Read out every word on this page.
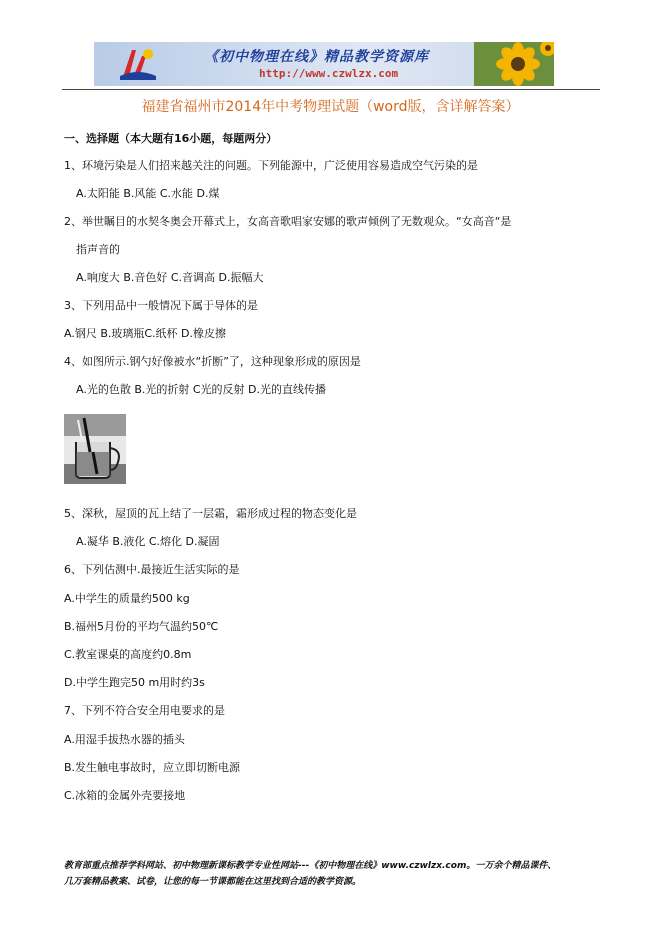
《初中物理在线》精品教学资源库
http://www.czwlzx.com
福建省福州市2014年中考物理试题（word版，含详解答案）
一、选择题（本大题有16小题，每题两分）
1、环境污染是人们招来越关注的问题。下列能源中，广泛使用容易造成空气污染的是
A.太阳能 B.风能 C.水能 D.煤
2、举世瞩目的水契冬奥会开幕式上，女高音歌唱家安娜的歌声倾例了无数观众。“女高音“是
指声音的
A.响度大 B.音色好 C.音调高 D.振幅大
3、下列用品中一般情况下属于导体的是
A.钢尺 B.玻璃瓶C.纸杯 D.橡皮擦
4、如图所示.钢勺好像被水“折断”了，这种现象形成的原因是
A.光的色散 B.光的折射 C光的反射 D.光的直线传播
5、深秋，屋顶的瓦上结了一层霜，霜形成过程的物态变化是
A.凝华 B.液化 C.熔化 D.凝固
6、下列估测中.最接近生活实际的是
A.中学生的质量约500 kg
B.福州5月份的平均气温约50℃
C.教室课桌的高度约0.8m
D.中学生跑完50 m用时约3s
7、下列不符合安全用电要求的是
A.用湿手拔热水器的插头
B.发生触电事故时，应立即切断电源
C.冰箱的金属外壳要接地
教育部重点推荐学科网站、初中物理新课标教学专业性网站---《初中物理在线》www.czwlzx.com。一万余个精品课件、
几万套精品教案、试卷，让您的每一节课都能在这里找到合适的教学资源。
